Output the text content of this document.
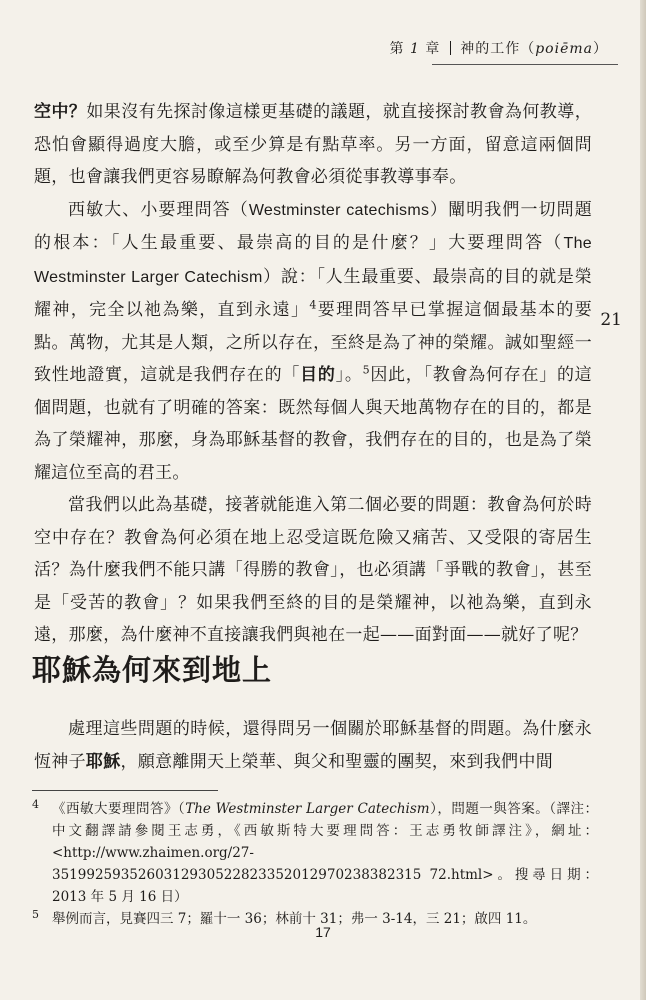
第 1 章 神的工作（poiēma）
21

空中？如果沒有先探討像這樣更基礎的議題，就直接探討教會為何教導，恐怕會顯得過度大膽，或至少算是有點草率。另一方面，留意這兩個問題，也會讓我們更容易瞭解為何教會必須從事教導事奉。

西敏大、小要理問答（Westminster catechisms）闡明我們一切問題的根本：「人生最重要、最崇高的目的是什麼？」大要理問答（The Westminster Larger Catechism）說：「人生最重要、最崇高的目的就是榮耀神，完全以祂為樂，直到永遠」$^4$要理問答早已掌握這個最基本的要點。萬物，尤其是人類，之所以存在，至終是為了神的榮耀。誠如聖經一致性地證實，這就是我們存在的「目的」。$^5$因此，「教會為何存在」的這個問題，也就有了明確的答案：既然每個人與天地萬物存在的目的，都是為了榮耀神，那麼，身為耶穌基督的教會，我們存在的目的，也是為了榮耀這位至高的君王。

當我們以此為基礎，接著就能進入第二個必要的問題：教會為何於時空中存在？教會為何必須在地上忍受這既危險又痛苦、又受限的寄居生活？為什麼我們不能只講「得勝的教會」，也必須講「爭戰的教會」，甚至是「受苦的教會」？如果我們至終的目的是榮耀神，以祂為樂，直到永遠，那麼，為什麼神不直接讓我們與祂在一起——面對面——就好了呢？

耶穌為何來到地上

處理這些問題的時候，還得問另一個關於耶穌基督的問題。為什麼永恆神子耶穌，願意離開天上榮華、與父和聖靈的團契，來到我們中間

4 《西敏大要理問答》（The Westminster Larger Catechism），問題一與答案。（譯注：中文翻譯請參閱王志勇，《西敏斯特大要理問答：王志勇牧師譯注》，網址：<http://www.zhaimen.org/27-3519925935260312930522823352012970238382315 72.html>。搜尋日期：2013 年 5 月 16 日）
5 舉例而言，見賽四三 7；羅十一 36；林前十 31；弗一 3-14，三 21；啟四 11。
17
